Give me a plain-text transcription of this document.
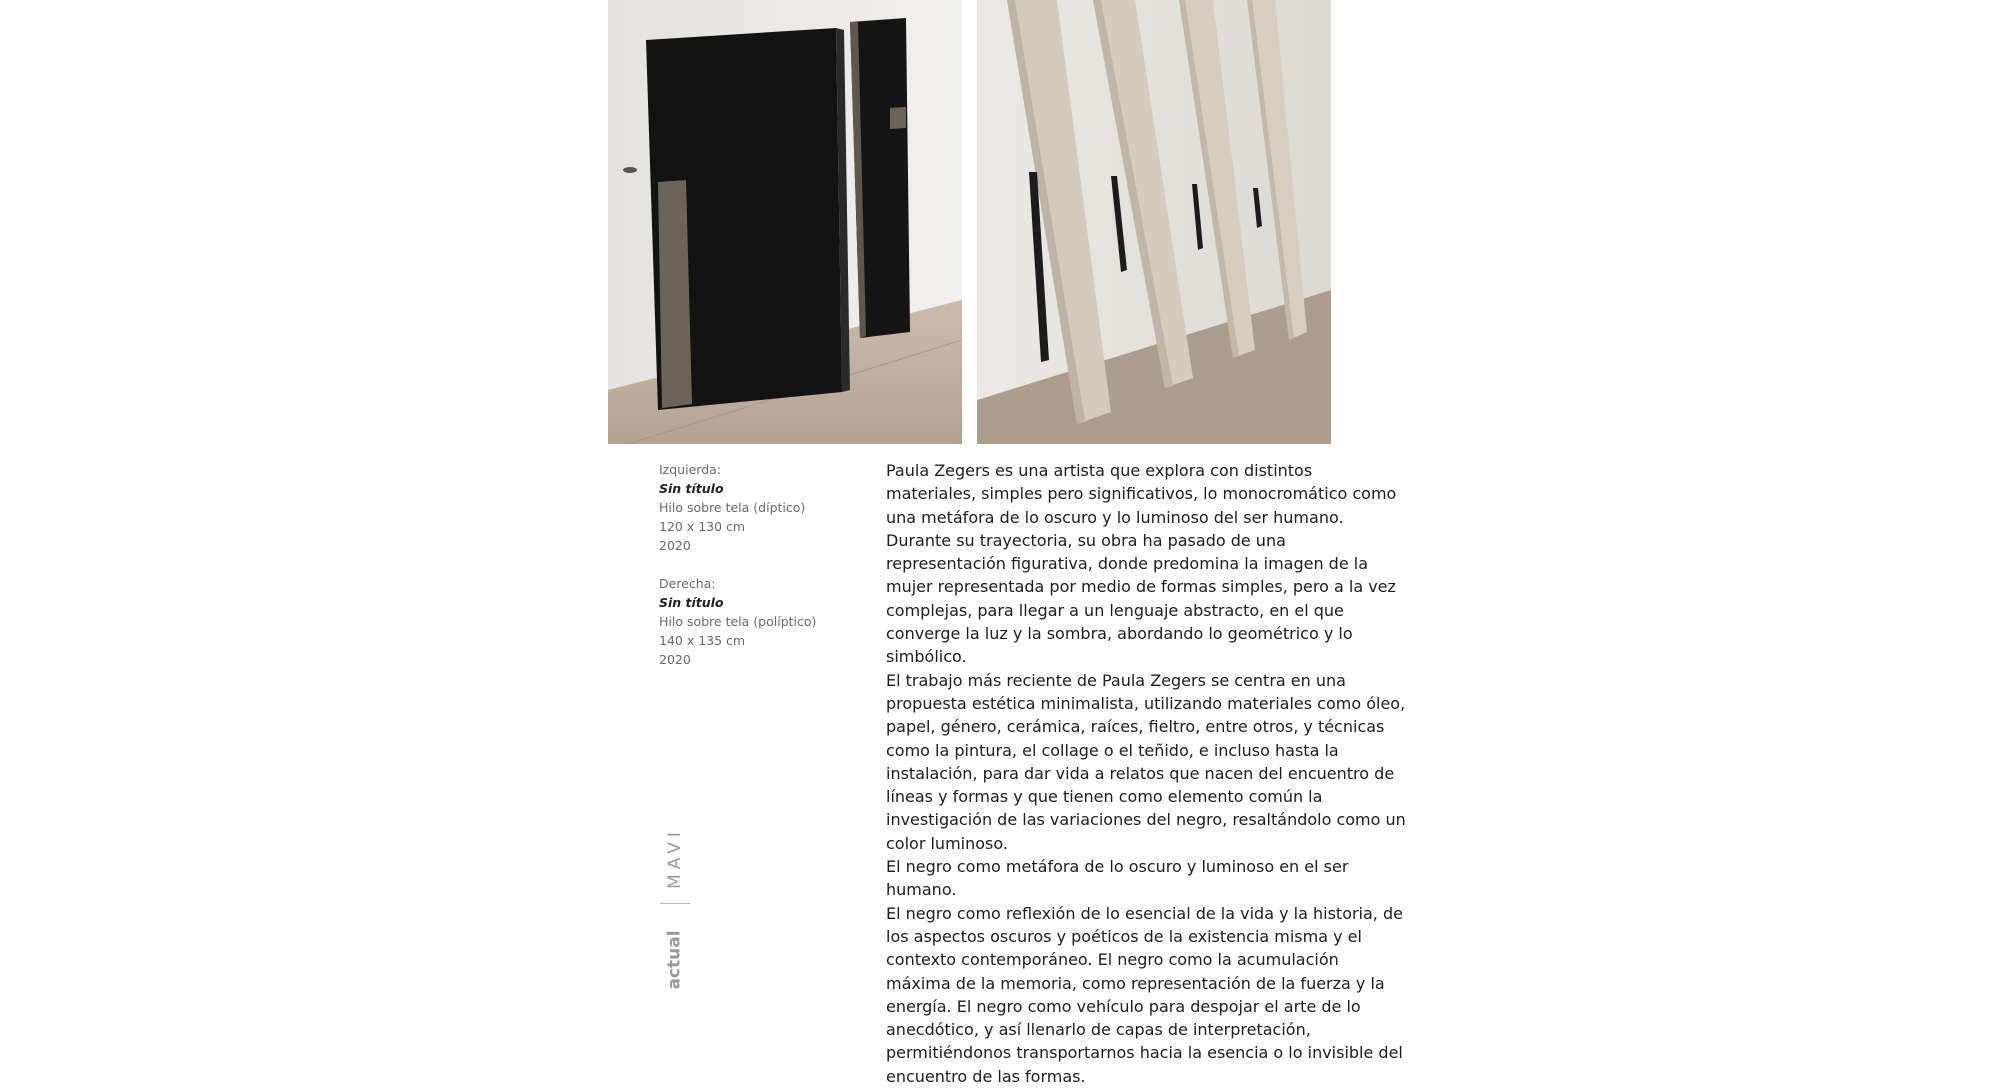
Izquierda:
Sin título
Hilo sobre tela (díptico)
120 x 130 cm
2020
Derecha:
Sin título
Hilo sobre tela (políptico)
140 x 135 cm
2020

Paula Zegers es una artista que explora con distintos materiales, simples pero significativos, lo monocromático como una metáfora de lo oscuro y lo luminoso del ser humano.

Durante su trayectoria, su obra ha pasado de una representación figurativa, donde predomina la imagen de la mujer representada por medio de formas simples, pero a la vez complejas, para llegar a un lenguaje abstracto, en el que converge la luz y la sombra, abordando lo geométrico y lo simbólico.

El trabajo más reciente de Paula Zegers se centra en una propuesta estética minimalista, utilizando materiales como óleo, papel, género, cerámica, raíces, fieltro, entre otros, y técnicas como la pintura, el collage o el teñido, e incluso hasta la instalación, para dar vida a relatos que nacen del encuentro de líneas y formas y que tienen como elemento común la investigación de las variaciones del negro, resaltándolo como un color luminoso.

El negro como metáfora de lo oscuro y luminoso en el ser humano.

El negro como reflexión de lo esencial de la vida y la historia, de los aspectos oscuros y poéticos de la existencia misma y el contexto contemporáneo. El negro como la acumulación máxima de la memoria, como representación de la fuerza y la energía. El negro como vehículo para despojar el arte de lo anecdótico, y así llenarlo de capas de interpretación, permitiéndonos transportarnos hacia la esencia o lo invisible del encuentro de las formas.

MAVI
actual
